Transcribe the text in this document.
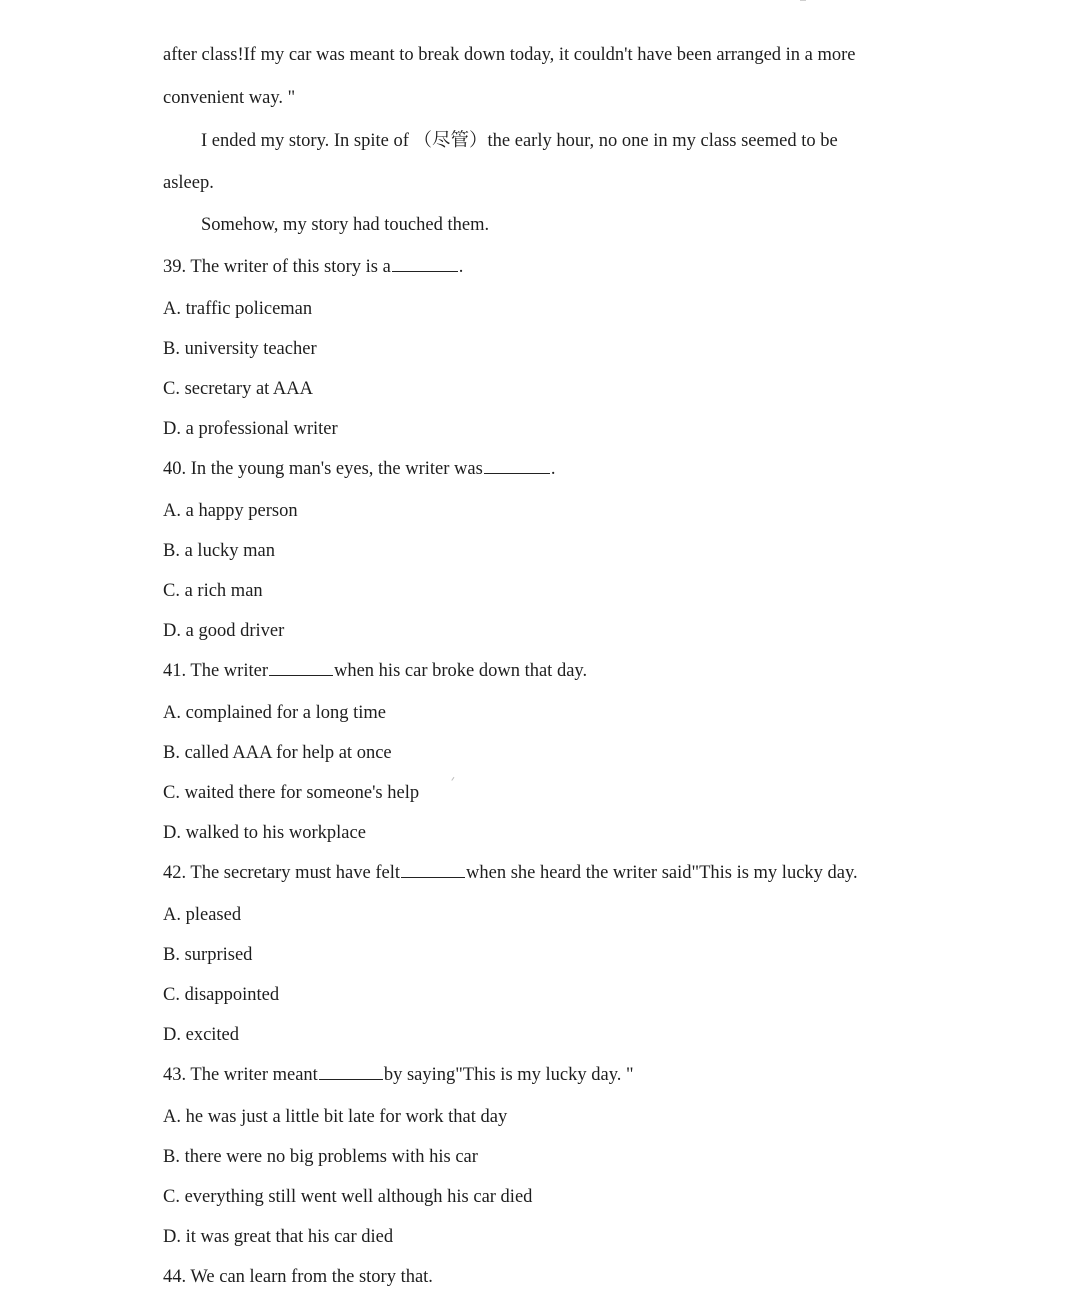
after class!If my car was meant to break down today, it couldn't have been arranged in a more
convenient way. "
I ended my story. In spite of （尽管）the early hour, no one in my class seemed to be
asleep.
Somehow, my story had touched them.
39. The writer of this story is a	.
A. traffic policeman
B. university teacher
C. secretary at AAA
D. a professional writer
40. In the young man's eyes, the writer was	.
A. a happy person
B. a lucky man
C. a rich man
D. a good driver
41. The writer	when his car broke down that day.
A. complained for a long time
B. called AAA for help at once
C. waited there for someone's help
D. walked to his workplace
42. The secretary must have felt	when she heard the writer said"This is my lucky day.
A. pleased
B. surprised
C. disappointed
D. excited
43. The writer meant	by saying"This is my lucky day. "
A. he was just a little bit late for work that day
B. there were no big problems with his car
C. everything still went well although his car died
D. it was great that his car died
44. We can learn from the story that.
